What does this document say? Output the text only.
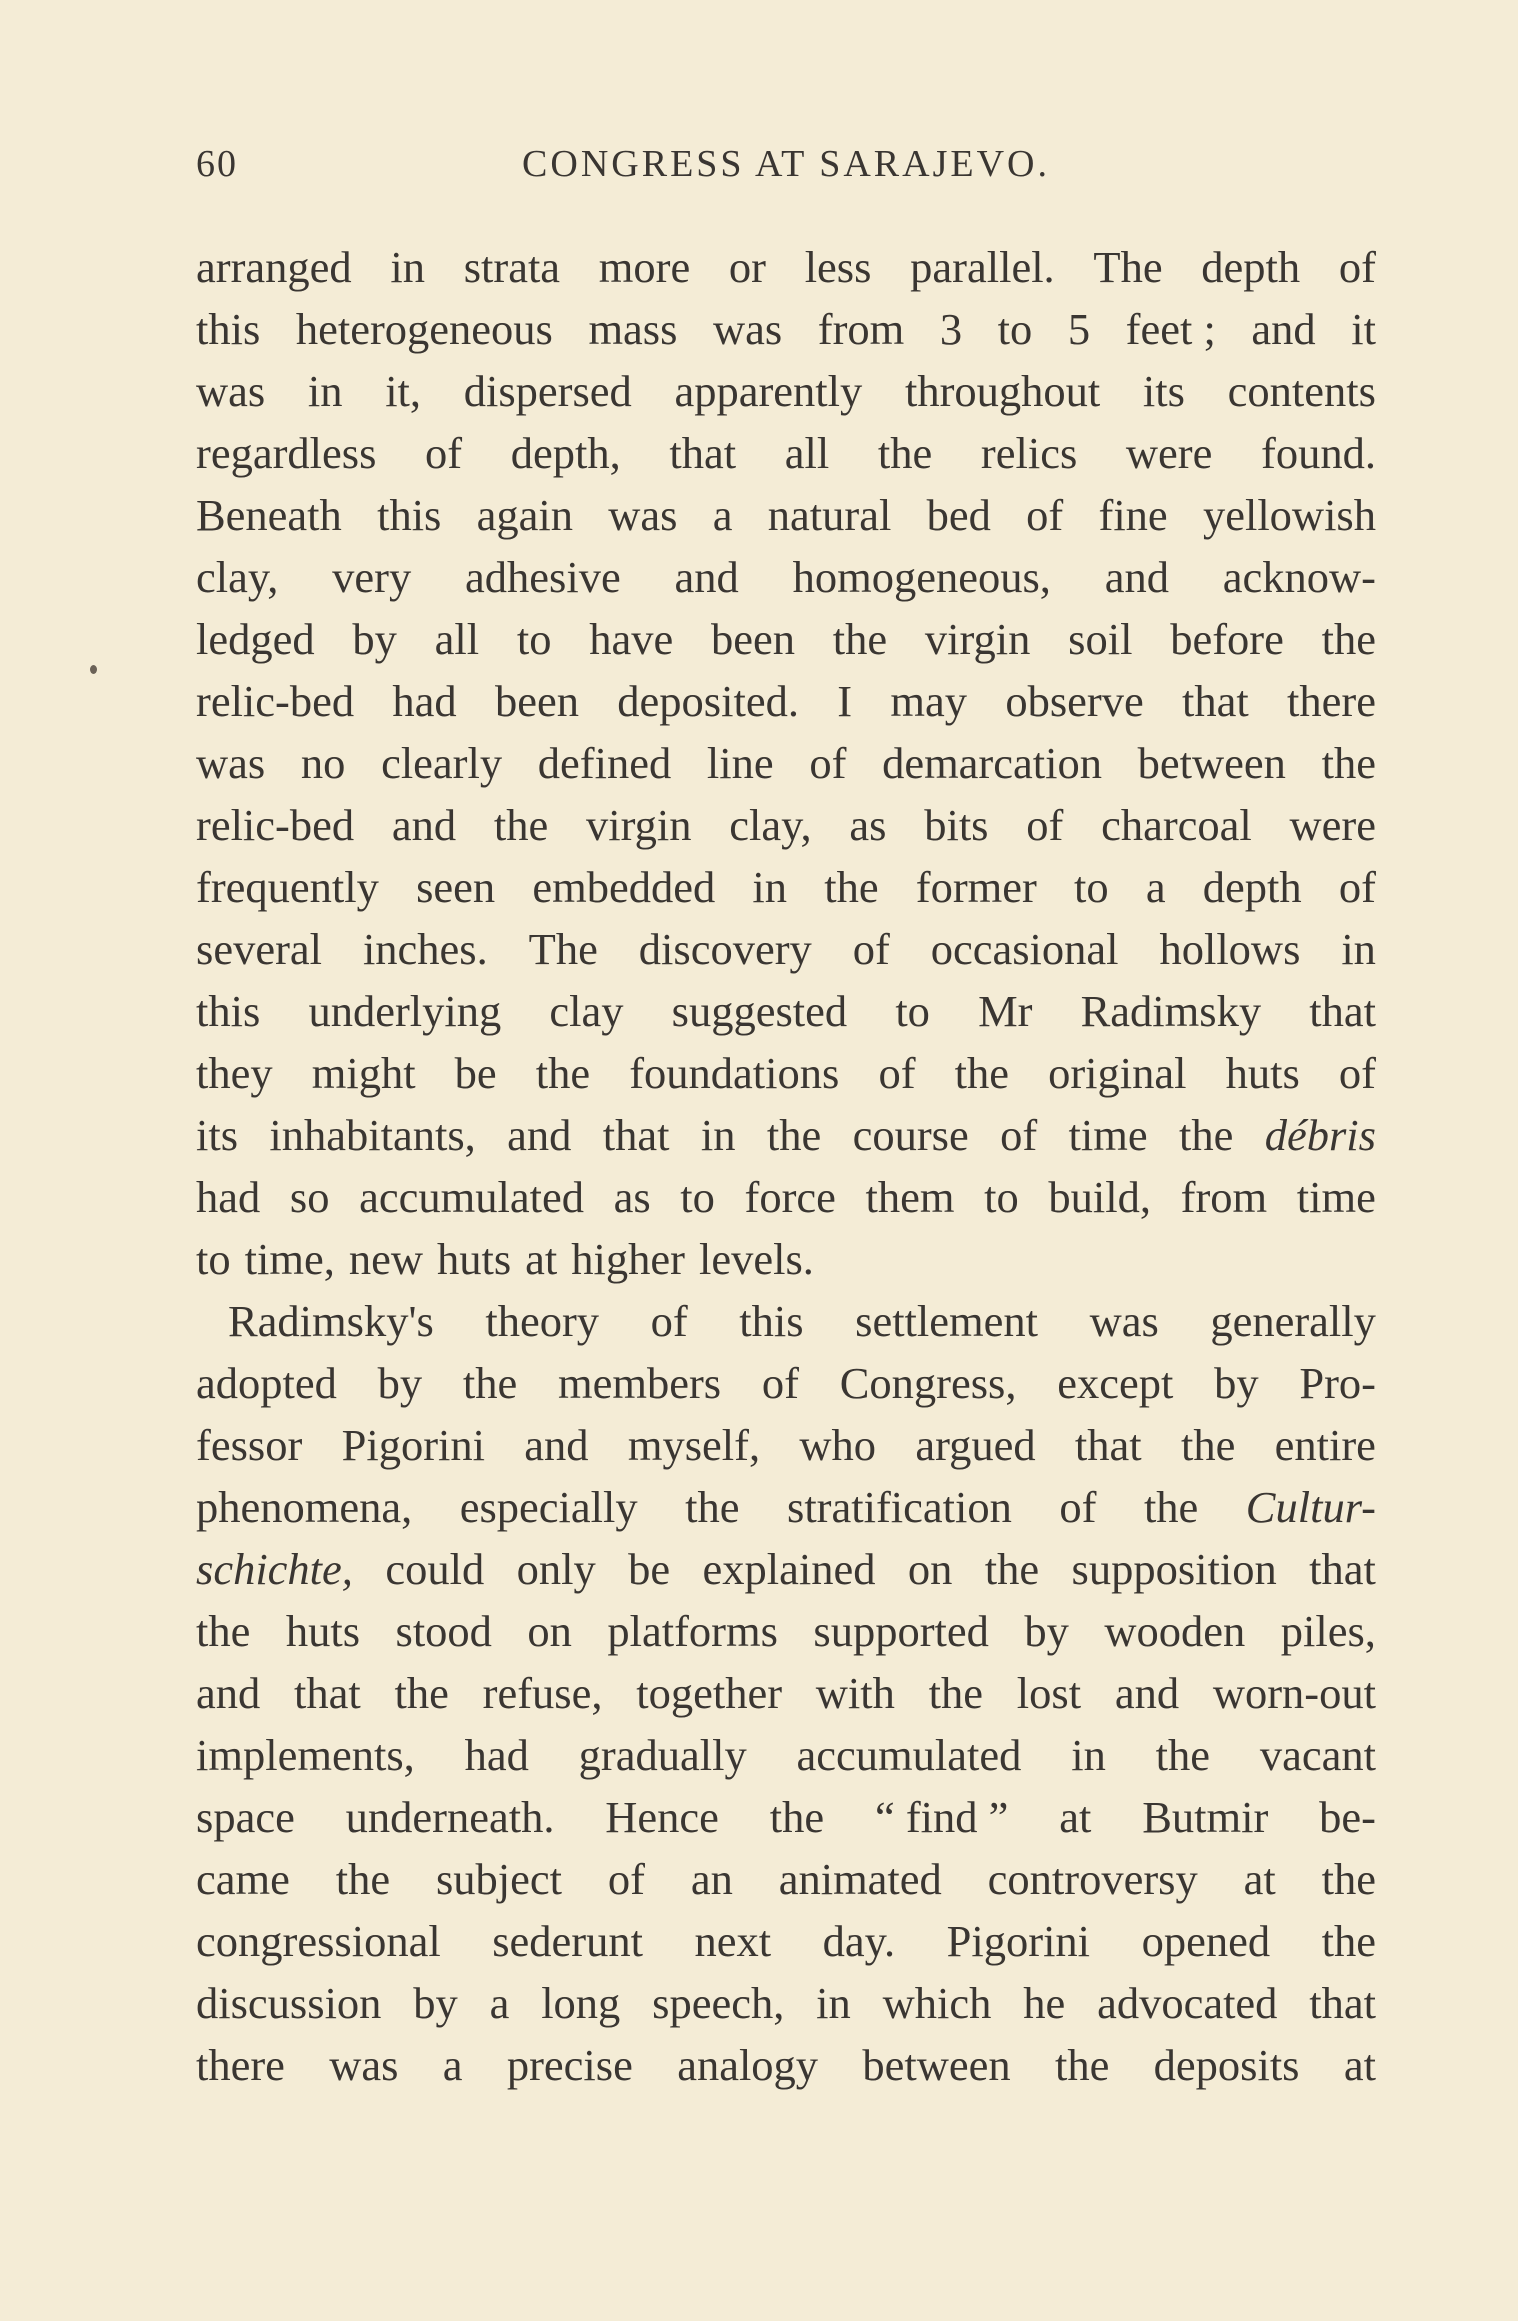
60	CONGRESS AT SARAJEVO.
arranged in strata more or less parallel. The depth of
this heterogeneous mass was from 3 to 5 feet ; and it
was in it, dispersed apparently throughout its contents
regardless of depth, that all the relics were found.
Beneath this again was a natural bed of fine yellowish
clay, very adhesive and homogeneous, and acknow-
ledged by all to have been the virgin soil before the
relic-bed had been deposited. I may observe that there
was no clearly defined line of demarcation between the
relic-bed and the virgin clay, as bits of charcoal were
frequently seen embedded in the former to a depth of
several inches. The discovery of occasional hollows in
this underlying clay suggested to Mr Radimsky that
they might be the foundations of the original huts of
its inhabitants, and that in the course of time the débris
had so accumulated as to force them to build, from time
to time, new huts at higher levels.
Radimsky's theory of this settlement was generally
adopted by the members of Congress, except by Pro-
fessor Pigorini and myself, who argued that the entire
phenomena, especially the stratification of the Cultur-
schichte, could only be explained on the supposition that
the huts stood on platforms supported by wooden piles,
and that the refuse, together with the lost and worn-out
implements, had gradually accumulated in the vacant
space underneath. Hence the “ find ” at Butmir be-
came the subject of an animated controversy at the
congressional sederunt next day. Pigorini opened the
discussion by a long speech, in which he advocated that
there was a precise analogy between the deposits at
